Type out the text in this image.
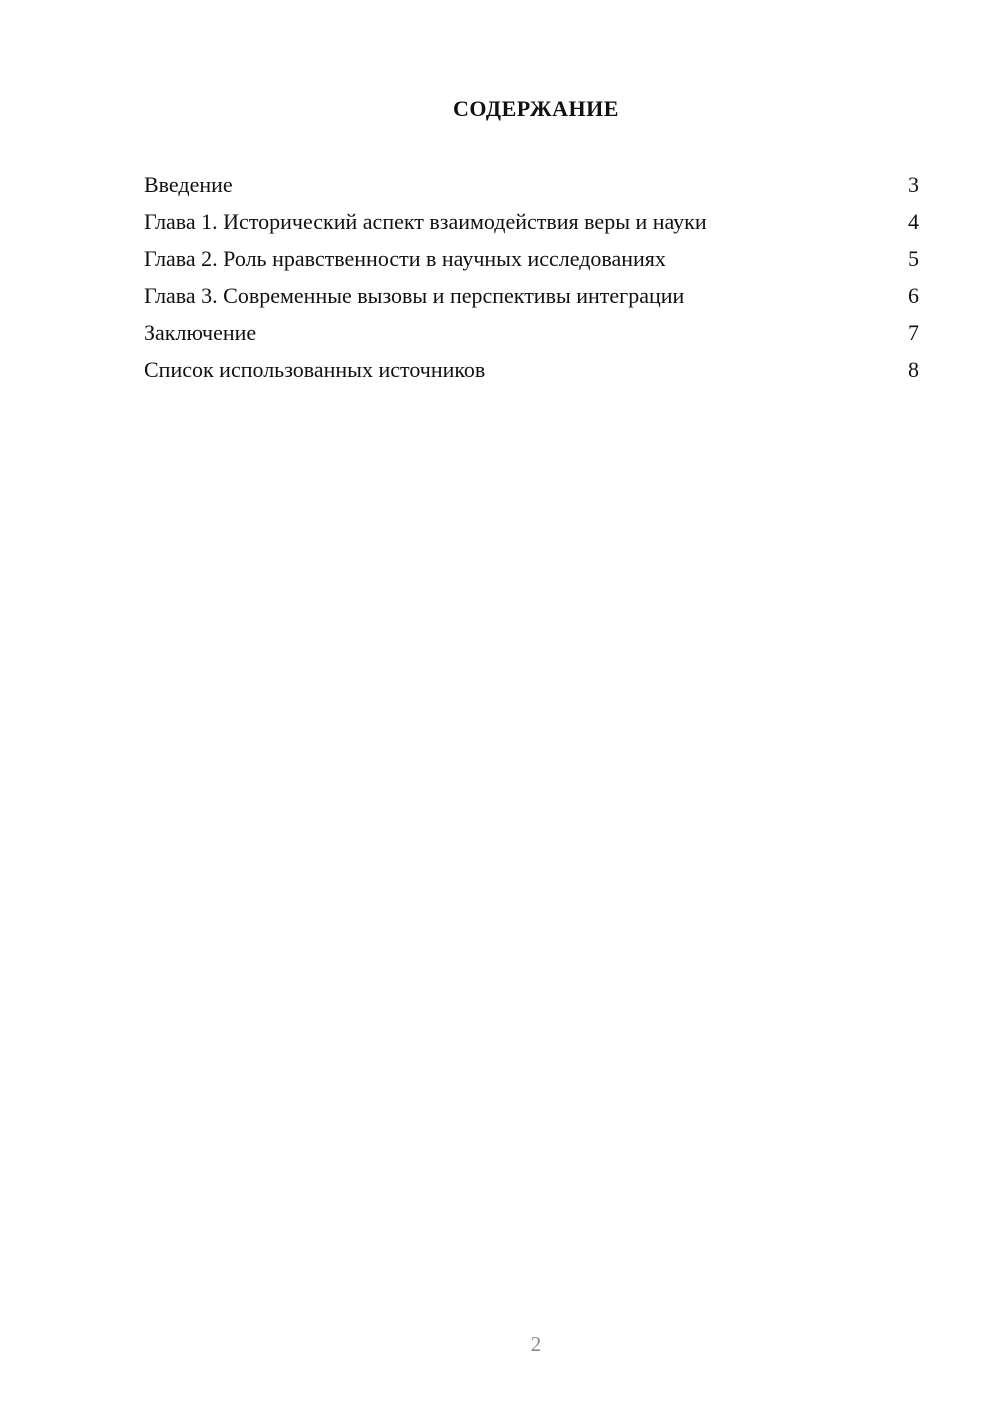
СОДЕРЖАНИЕ
Введение	3
Глава 1. Исторический аспект взаимодействия веры и науки	4
Глава 2. Роль нравственности в научных исследованиях	5
Глава 3. Современные вызовы и перспективы интеграции	6
Заключение	7
Список использованных источников	8
2
